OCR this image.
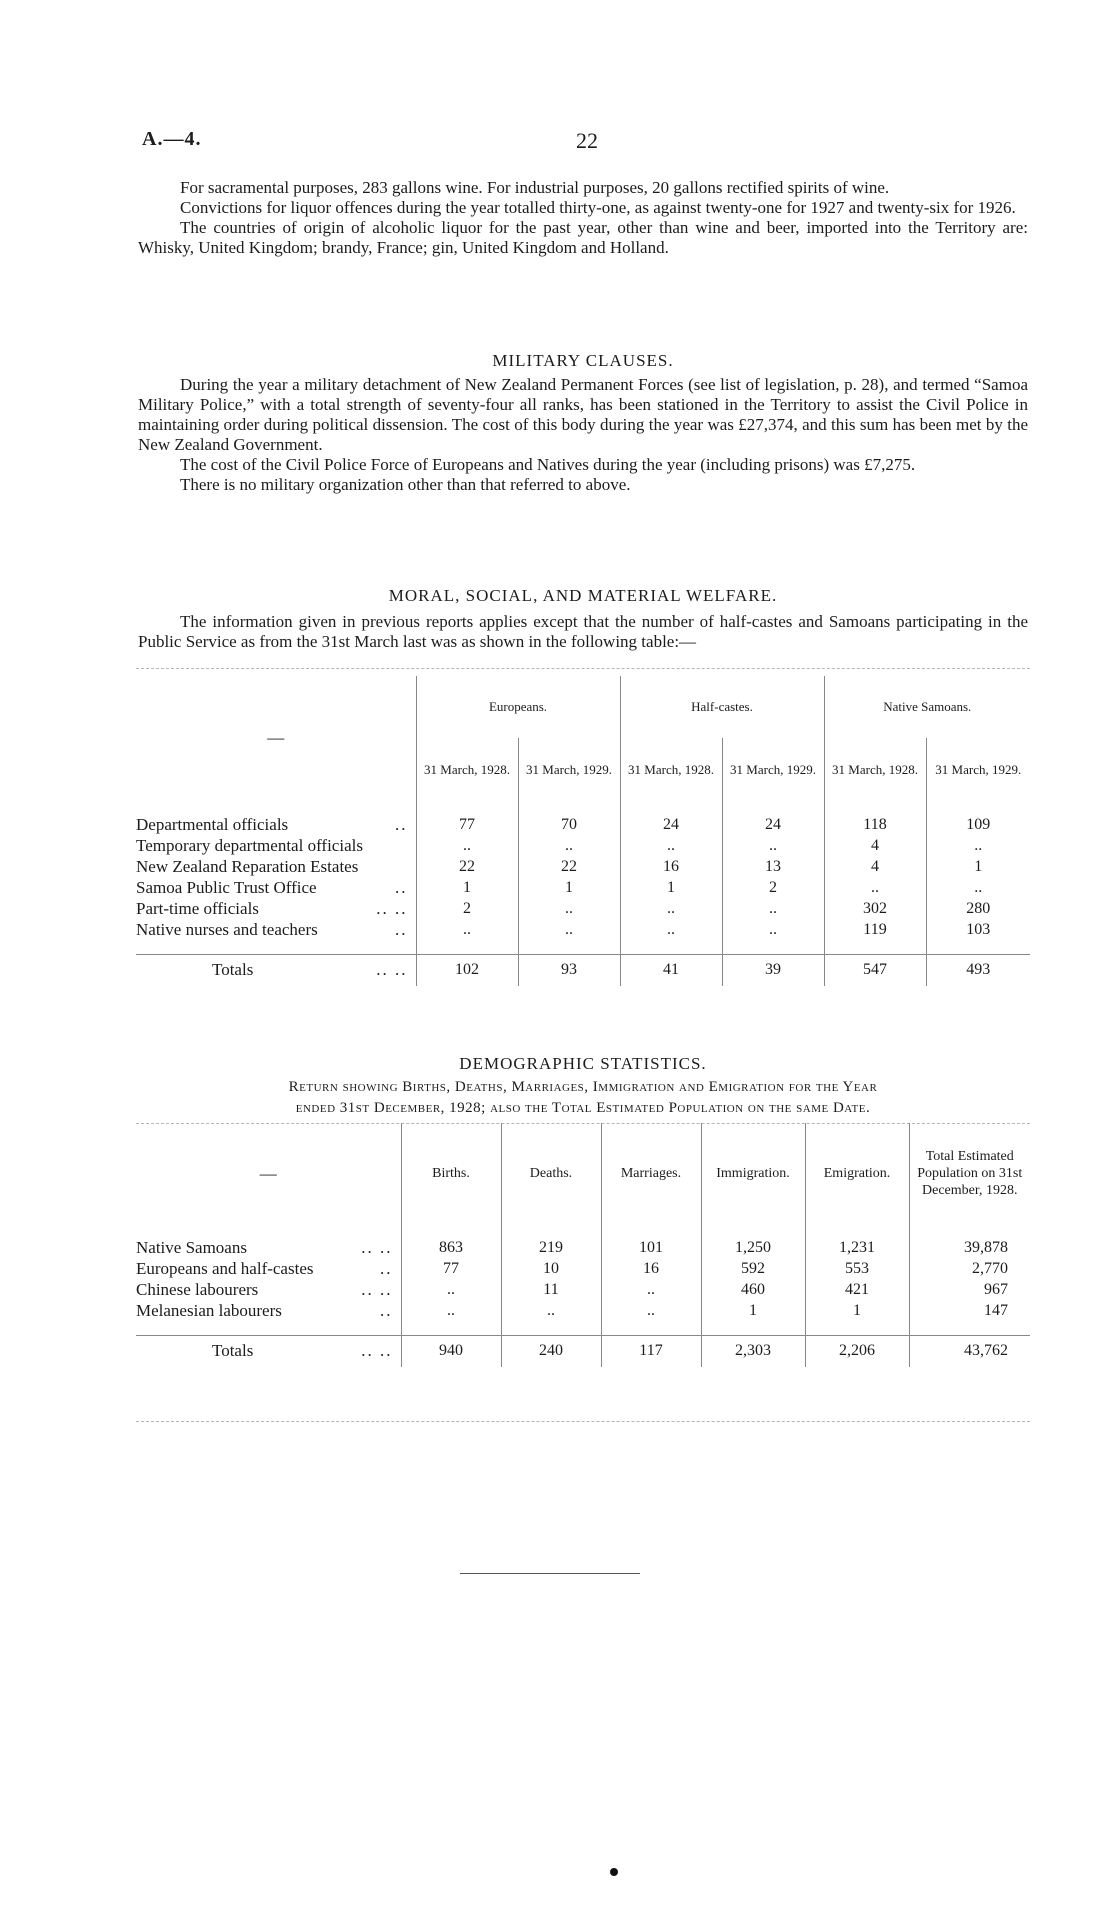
A.—4.	22

For sacramental purposes, 283 gallons wine. For industrial purposes, 20 gallons rectified spirits of wine.

Convictions for liquor offences during the year totalled thirty-one, as against twenty-one for 1927 and twenty-six for 1926.

The countries of origin of alcoholic liquor for the past year, other than wine and beer, imported into the Territory are: Whisky, United Kingdom; brandy, France; gin, United Kingdom and Holland.

MILITARY CLAUSES.

During the year a military detachment of New Zealand Permanent Forces (see list of legislation, p. 28), and termed “Samoa Military Police,” with a total strength of seventy-four all ranks, has been stationed in the Territory to assist the Civil Police in maintaining order during political dissension. The cost of this body during the year was £27,374, and this sum has been met by the New Zealand Government.

The cost of the Civil Police Force of Europeans and Natives during the year (including prisons) was £7,275.

There is no military organization other than that referred to above.

MORAL, SOCIAL, AND MATERIAL WELFARE.

The information given in previous reports applies except that the number of half-castes and Samoans participating in the Public Service as from the 31st March last was as shown in the following table:—

—	Europeans.		Half-castes.		Native Samoans.	
	31 March, 1928.	31 March, 1929.	31 March, 1928.	31 March, 1929.	31 March, 1928.	31 March, 1929.

Departmental officials ..	77	70	24	24	118	109
Temporary departmental officials	..	..	..	..	4	..
New Zealand Reparation Estates	22	22	16	13	4	1
Samoa Public Trust Office ..	1	1	1	2	..	..
Part-time officials .. ..	2	..	..	..	302	280
Native nurses and teachers ..	..	..	..	..	119	103

Totals .. ..	102	93	41	39	547	493
DEMOGRAPHIC STATISTICS.
Return showing Births, Deaths, Marriages, Immigration and Emigration for the Year
ended 31st December, 1928; also the Total Estimated Population on the same Date.
—	Births.	Deaths.	Marriages.	Immigration.	Emigration.	Total Estimated Population on 31st December, 1928.

Native Samoans .. ..	863	219	101	1,250	1,231	39,878
Europeans and half-castes ..	77	10	16	592	553	2,770
Chinese labourers .. ..	..	11	..	460	421	967
Melanesian labourers ..	..	..	..	1	1	147

Totals .. ..	940	240	117	2,303	2,206	43,762
